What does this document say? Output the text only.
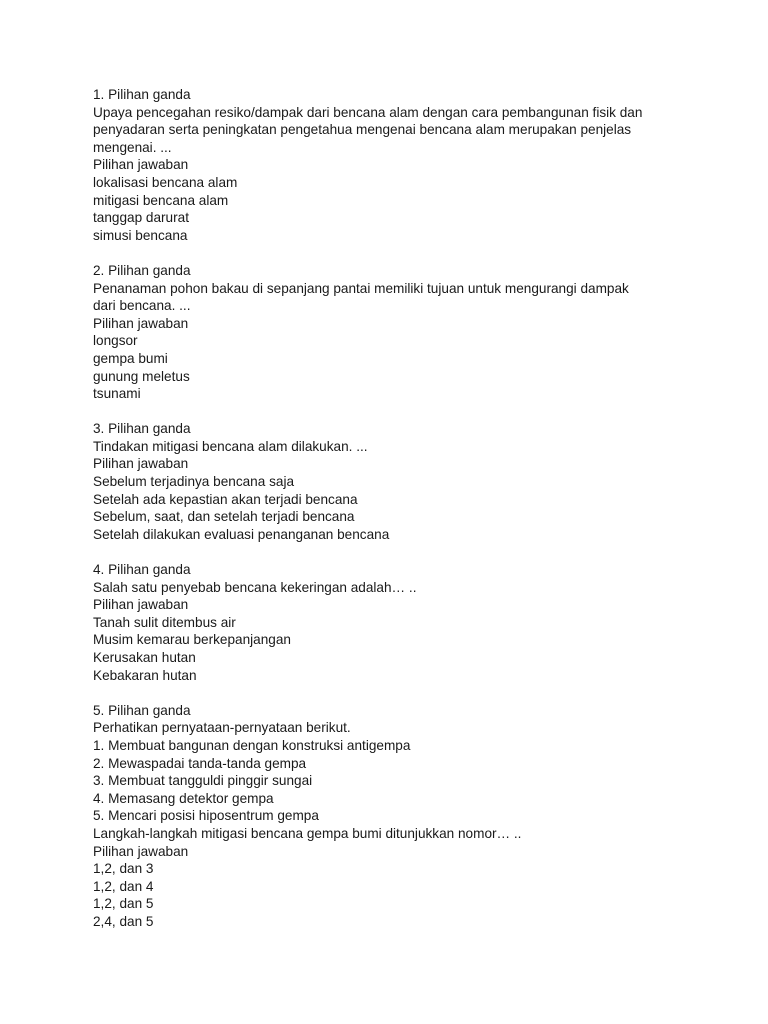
1. Pilihan ganda
Upaya pencegahan resiko/dampak dari bencana alam dengan cara pembangunan fisik dan
penyadaran serta peningkatan pengetahua mengenai bencana alam merupakan penjelas
mengenai. ...
Pilihan jawaban
lokalisasi bencana alam
mitigasi bencana alam
tanggap darurat
simusi bencana
2. Pilihan ganda
Penanaman pohon bakau di sepanjang pantai memiliki tujuan untuk mengurangi dampak
dari bencana. ...
Pilihan jawaban
longsor
gempa bumi
gunung meletus
tsunami
3. Pilihan ganda
Tindakan mitigasi bencana alam dilakukan. ...
Pilihan jawaban
Sebelum terjadinya bencana saja
Setelah ada kepastian akan terjadi bencana
Sebelum, saat, dan setelah terjadi bencana
Setelah dilakukan evaluasi penanganan bencana
4. Pilihan ganda
Salah satu penyebab bencana kekeringan adalah… ..
Pilihan jawaban
Tanah sulit ditembus air
Musim kemarau berkepanjangan
Kerusakan hutan
Kebakaran hutan
5. Pilihan ganda
Perhatikan pernyataan-pernyataan berikut.
1. Membuat bangunan dengan konstruksi antigempa
2. Mewaspadai tanda-tanda gempa
3. Membuat tangguldi pinggir sungai
4. Memasang detektor gempa
5. Mencari posisi hiposentrum gempa
Langkah-langkah mitigasi bencana gempa bumi ditunjukkan nomor… ..
Pilihan jawaban
1,2, dan 3
1,2, dan 4
1,2, dan 5
2,4, dan 5
